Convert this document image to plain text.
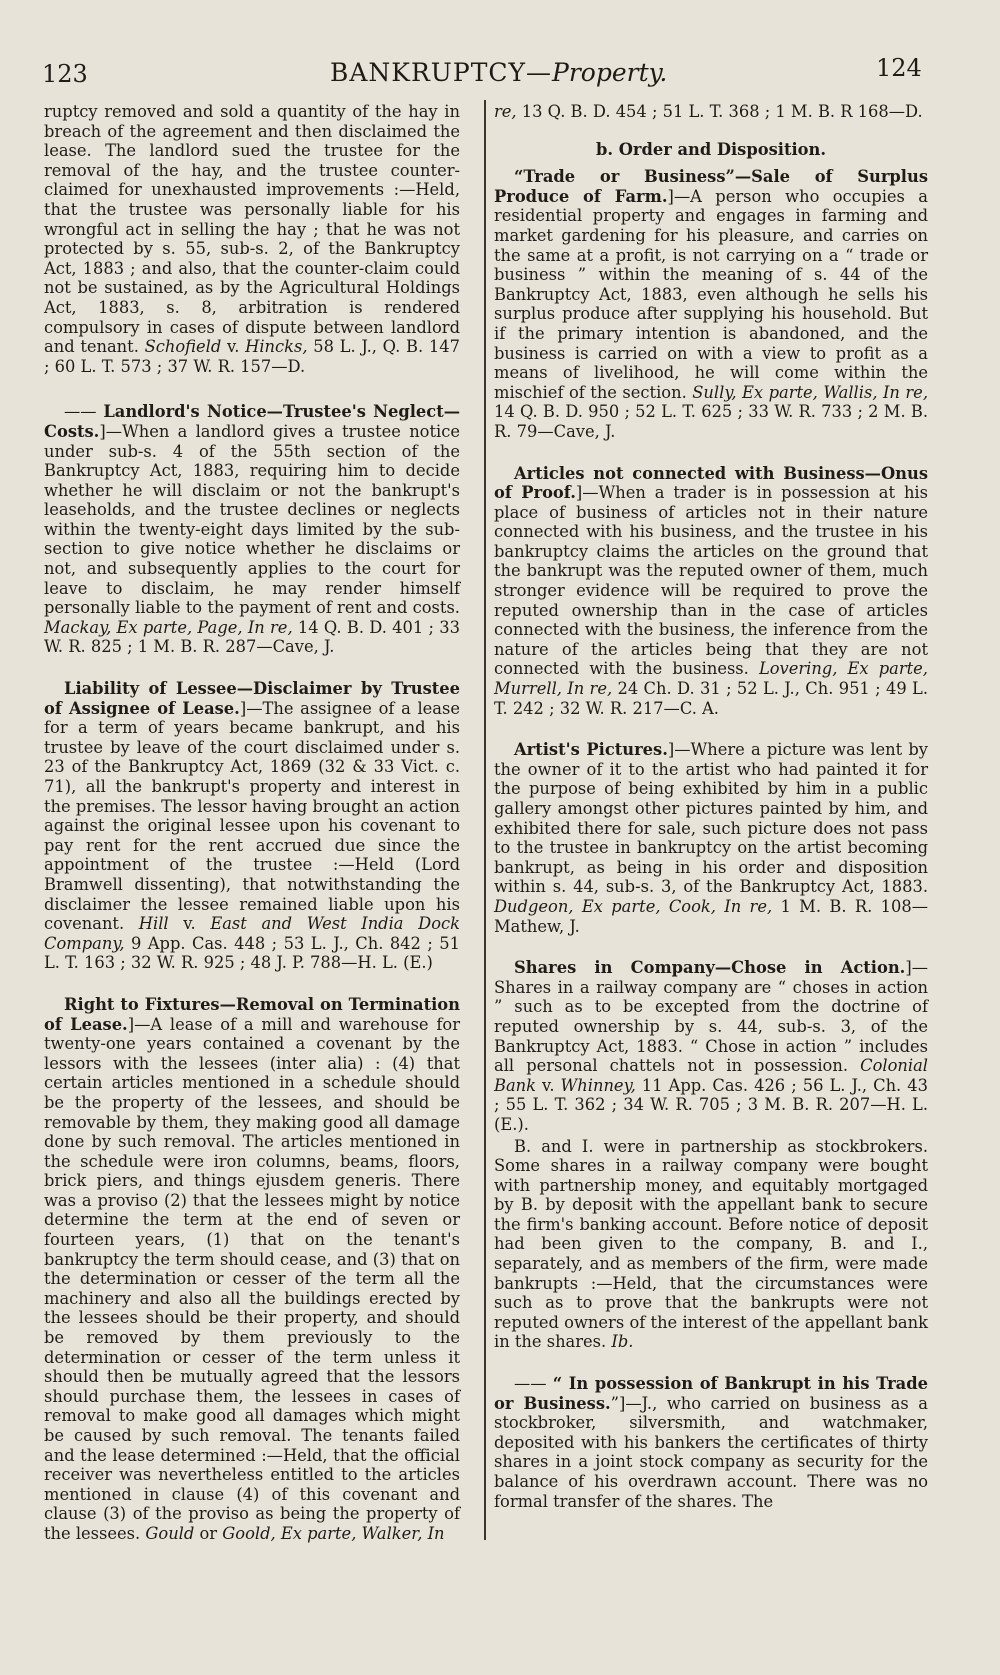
123	BANKRUPTCY—Property.	124

ruptcy removed and sold a quantity of the hay in breach of the agreement and then disclaimed the lease. The landlord sued the trustee for the removal of the hay, and the trustee counter-claimed for unexhausted improvements :—Held, that the trustee was personally liable for his wrongful act in selling the hay ; that he was not protected by s. 55, sub-s. 2, of the Bankruptcy Act, 1883 ; and also, that the counter-claim could not be sustained, as by the Agricultural Holdings Act, 1883, s. 8, arbitration is rendered compulsory in cases of dispute between landlord and tenant. Schofield v. Hincks, 58 L. J., Q. B. 147 ; 60 L. T. 573 ; 37 W. R. 157—D.

—— Landlord's Notice—Trustee's Neglect—Costs.]—When a landlord gives a trustee notice under sub-s. 4 of the 55th section of the Bankruptcy Act, 1883, requiring him to decide whether he will disclaim or not the bankrupt's leaseholds, and the trustee declines or neglects within the twenty-eight days limited by the sub-section to give notice whether he disclaims or not, and subsequently applies to the court for leave to disclaim, he may render himself personally liable to the payment of rent and costs. Mackay, Ex parte, Page, In re, 14 Q. B. D. 401 ; 33 W. R. 825 ; 1 M. B. R. 287—Cave, J.

Liability of Lessee—Disclaimer by Trustee of Assignee of Lease.]—The assignee of a lease for a term of years became bankrupt, and his trustee by leave of the court disclaimed under s. 23 of the Bankruptcy Act, 1869 (32 & 33 Vict. c. 71), all the bankrupt's property and interest in the premises. The lessor having brought an action against the original lessee upon his covenant to pay rent for the rent accrued due since the appointment of the trustee :—Held (Lord Bramwell dissenting), that notwithstanding the disclaimer the lessee remained liable upon his covenant. Hill v. East and West India Dock Company, 9 App. Cas. 448 ; 53 L. J., Ch. 842 ; 51 L. T. 163 ; 32 W. R. 925 ; 48 J. P. 788—H. L. (E.)

Right to Fixtures—Removal on Termination of Lease.]—A lease of a mill and warehouse for twenty-one years contained a covenant by the lessors with the lessees (inter alia) : (4) that certain articles mentioned in a schedule should be the property of the lessees, and should be removable by them, they making good all damage done by such removal. The articles mentioned in the schedule were iron columns, beams, floors, brick piers, and things ejusdem generis. There was a proviso (2) that the lessees might by notice determine the term at the end of seven or fourteen years, (1) that on the tenant's bankruptcy the term should cease, and (3) that on the determination or cesser of the term all the machinery and also all the buildings erected by the lessees should be their property, and should be removed by them previously to the determination or cesser of the term unless it should then be mutually agreed that the lessors should purchase them, the lessees in cases of removal to make good all damages which might be caused by such removal. The tenants failed and the lease determined :—Held, that the official receiver was nevertheless entitled to the articles mentioned in clause (4) of this covenant and clause (3) of the proviso as being the property of the lessees. Gould or Goold, Ex parte, Walker, In

re, 13 Q. B. D. 454 ; 51 L. T. 368 ; 1 M. B. R 168—D.

b. Order and Disposition.

“Trade or Business”—Sale of Surplus Produce of Farm.]—A person who occupies a residential property and engages in farming and market gardening for his pleasure, and carries on the same at a profit, is not carrying on a “ trade or business ” within the meaning of s. 44 of the Bankruptcy Act, 1883, even although he sells his surplus produce after supplying his household. But if the primary intention is abandoned, and the business is carried on with a view to profit as a means of livelihood, he will come within the mischief of the section. Sully, Ex parte, Wallis, In re, 14 Q. B. D. 950 ; 52 L. T. 625 ; 33 W. R. 733 ; 2 M. B. R. 79—Cave, J.

Articles not connected with Business—Onus of Proof.]—When a trader is in possession at his place of business of articles not in their nature connected with his business, and the trustee in his bankruptcy claims the articles on the ground that the bankrupt was the reputed owner of them, much stronger evidence will be required to prove the reputed ownership than in the case of articles connected with the business, the inference from the nature of the articles being that they are not connected with the business. Lovering, Ex parte, Murrell, In re, 24 Ch. D. 31 ; 52 L. J., Ch. 951 ; 49 L. T. 242 ; 32 W. R. 217—C. A.

Artist's Pictures.]—Where a picture was lent by the owner of it to the artist who had painted it for the purpose of being exhibited by him in a public gallery amongst other pictures painted by him, and exhibited there for sale, such picture does not pass to the trustee in bankruptcy on the artist becoming bankrupt, as being in his order and disposition within s. 44, sub-s. 3, of the Bankruptcy Act, 1883. Dudgeon, Ex parte, Cook, In re, 1 M. B. R. 108—Mathew, J.

Shares in Company—Chose in Action.]—Shares in a railway company are “ choses in action ” such as to be excepted from the doctrine of reputed ownership by s. 44, sub-s. 3, of the Bankruptcy Act, 1883. “ Chose in action ” includes all personal chattels not in possession. Colonial Bank v. Whinney, 11 App. Cas. 426 ; 56 L. J., Ch. 43 ; 55 L. T. 362 ; 34 W. R. 705 ; 3 M. B. R. 207—H. L. (E.).

B. and I. were in partnership as stockbrokers. Some shares in a railway company were bought with partnership money, and equitably mortgaged by B. by deposit with the appellant bank to secure the firm's banking account. Before notice of deposit had been given to the company, B. and I., separately, and as members of the firm, were made bankrupts :—Held, that the circumstances were such as to prove that the bankrupts were not reputed owners of the interest of the appellant bank in the shares. Ib.

—— “ In possession of Bankrupt in his Trade or Business.”]—J., who carried on business as a stockbroker, silversmith, and watchmaker, deposited with his bankers the certificates of thirty shares in a joint stock company as security for the balance of his overdrawn account. There was no formal transfer of the shares. The
